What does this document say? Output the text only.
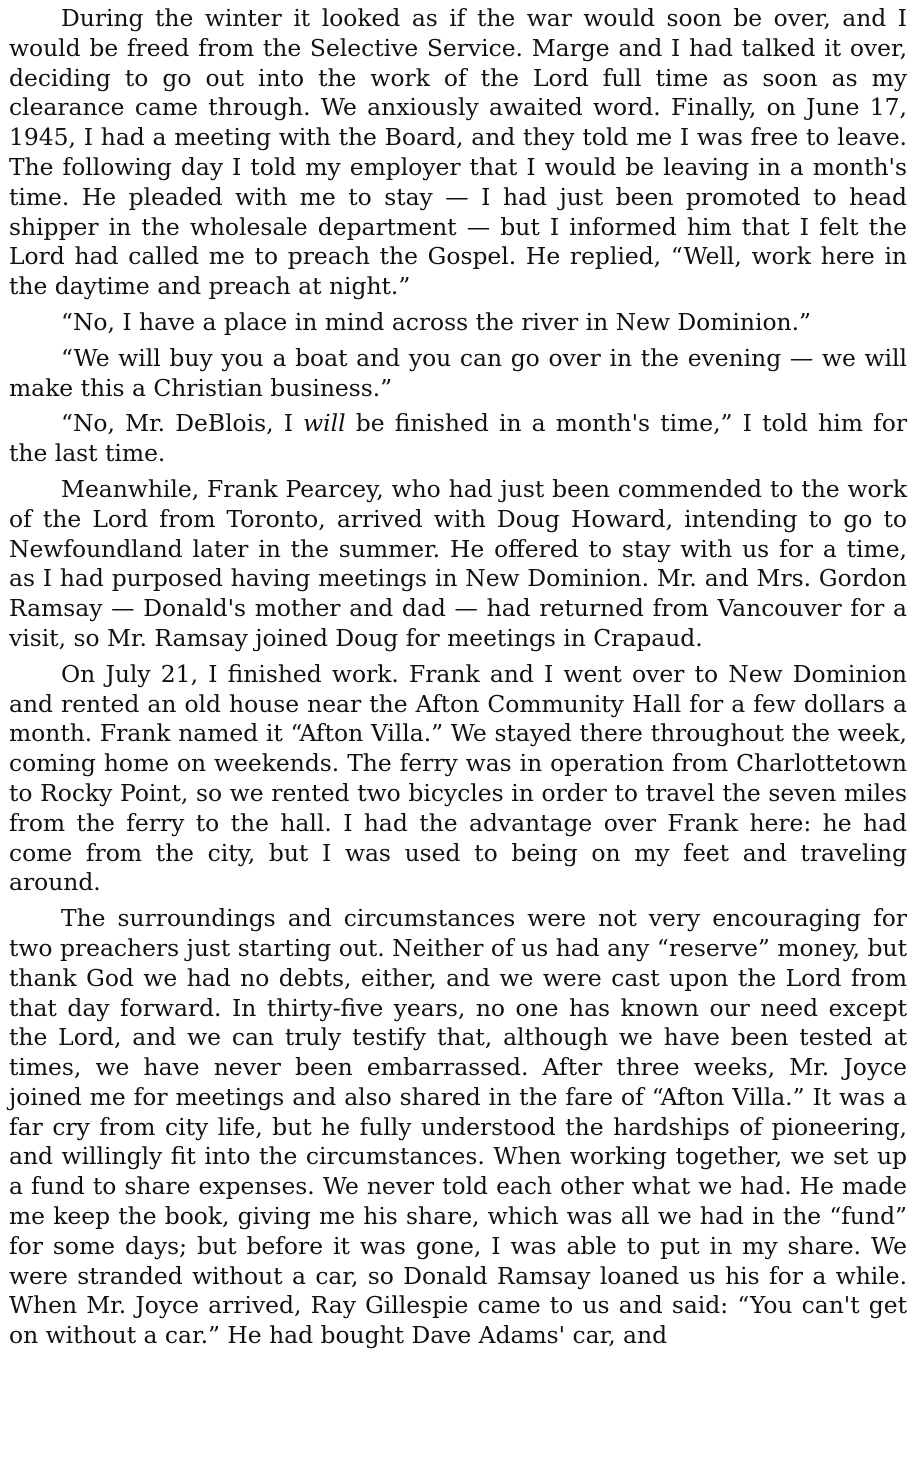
During the winter it looked as if the war would soon be over, and I would be freed from the Selective Service. Marge and I had talked it over, deciding to go out into the work of the Lord full time as soon as my clearance came through. We anxiously awaited word. Finally, on June 17, 1945, I had a meeting with the Board, and they told me I was free to leave. The following day I told my employer that I would be leaving in a month's time. He pleaded with me to stay — I had just been promoted to head shipper in the wholesale department — but I informed him that I felt the Lord had called me to preach the Gospel. He replied, “Well, work here in the daytime and preach at night.”

“No, I have a place in mind across the river in New Dominion.”

“We will buy you a boat and you can go over in the evening — we will make this a Christian business.”

“No, Mr. DeBlois, I will be finished in a month's time,” I told him for the last time.

Meanwhile, Frank Pearcey, who had just been commended to the work of the Lord from Toronto, arrived with Doug Howard, intending to go to Newfoundland later in the summer. He offered to stay with us for a time, as I had purposed having meetings in New Dominion. Mr. and Mrs. Gordon Ramsay — Donald's mother and dad — had returned from Vancouver for a visit, so Mr. Ramsay joined Doug for meetings in Crapaud.

On July 21, I finished work. Frank and I went over to New Dominion and rented an old house near the Afton Community Hall for a few dollars a month. Frank named it “Afton Villa.” We stayed there throughout the week, coming home on weekends. The ferry was in operation from Charlottetown to Rocky Point, so we rented two bicycles in order to travel the seven miles from the ferry to the hall. I had the advantage over Frank here: he had come from the city, but I was used to being on my feet and traveling around.

The surroundings and circumstances were not very encouraging for two preachers just starting out. Neither of us had any “reserve” money, but thank God we had no debts, either, and we were cast upon the Lord from that day forward. In thirty-five years, no one has known our need except the Lord, and we can truly testify that, although we have been tested at times, we have never been embarrassed. After three weeks, Mr. Joyce joined me for meetings and also shared in the fare of “Afton Villa.” It was a far cry from city life, but he fully understood the hardships of pioneering, and willingly fit into the circumstances. When working together, we set up a fund to share expenses. We never told each other what we had. He made me keep the book, giving me his share, which was all we had in the “fund” for some days; but before it was gone, I was able to put in my share. We were stranded without a car, so Donald Ramsay loaned us his for a while. When Mr. Joyce arrived, Ray Gillespie came to us and said: “You can't get on without a car.” He had bought Dave Adams' car, and
